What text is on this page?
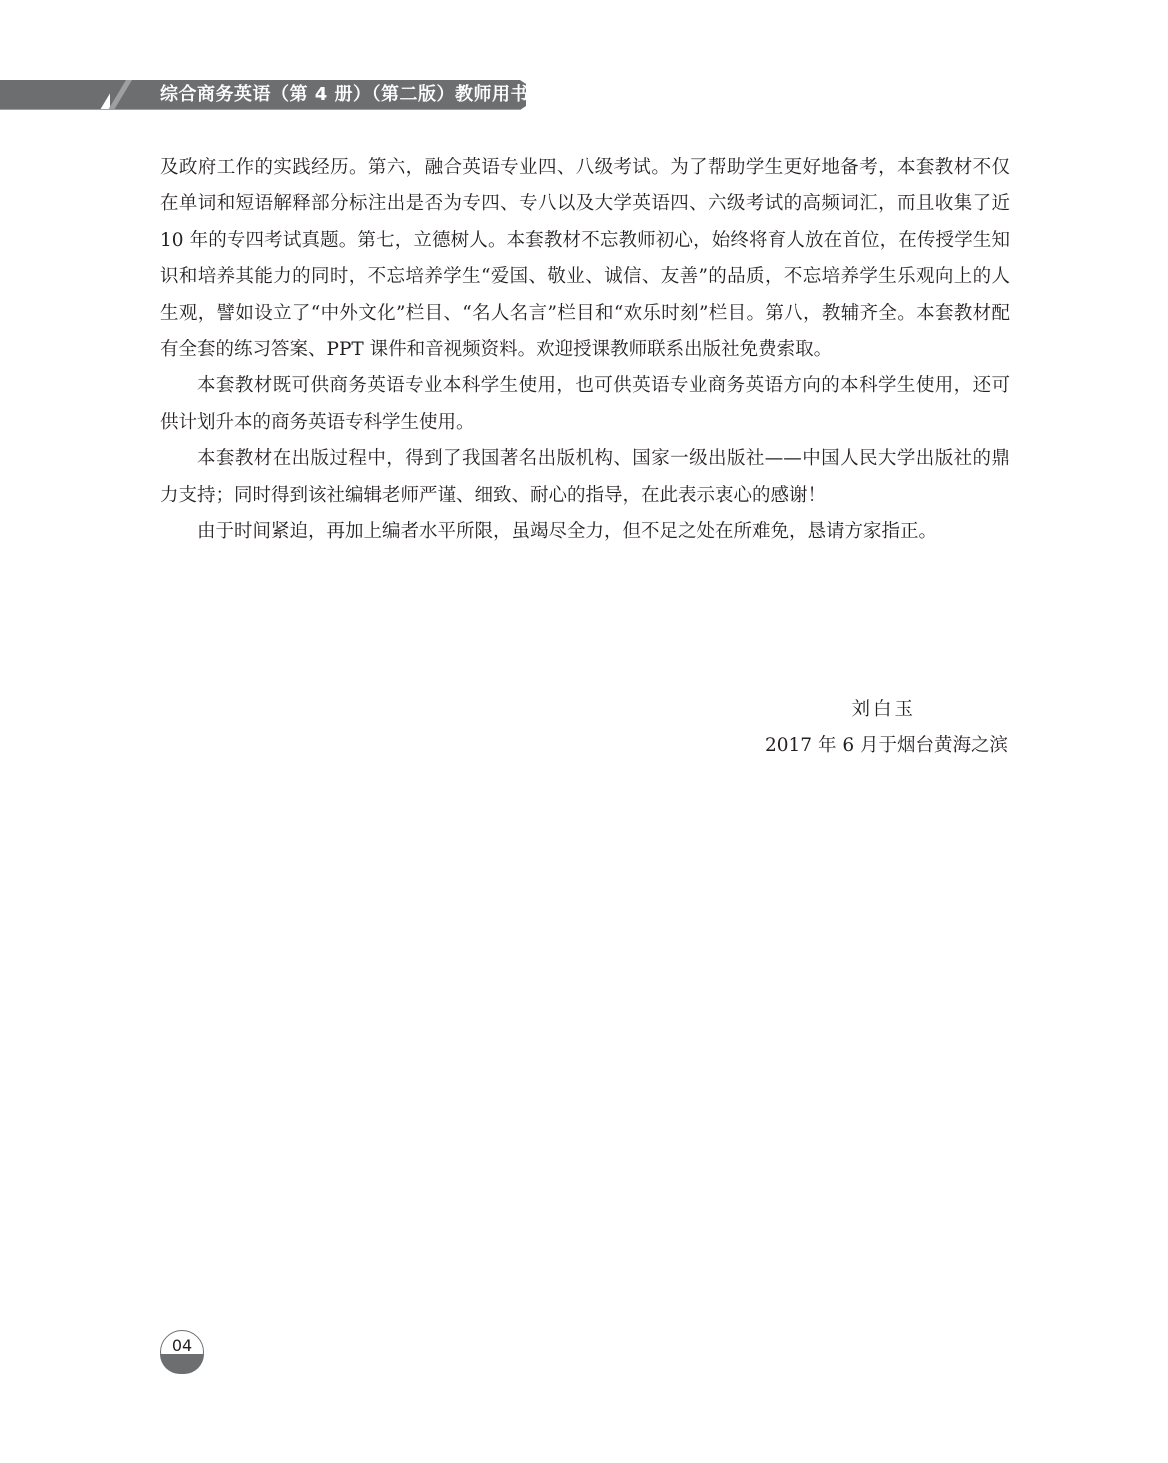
综合商务英语（第 4 册）（第二版）教师用书

及政府工作的实践经历。第六，融合英语专业四、八级考试。为了帮助学生更好地备考，本套教材不仅在单词和短语解释部分标注出是否为专四、专八以及大学英语四、六级考试的高频词汇，而且收集了近 10 年的专四考试真题。第七，立德树人。本套教材不忘教师初心，始终将育人放在首位，在传授学生知识和培养其能力的同时，不忘培养学生“爱国、敬业、诚信、友善”的品质，不忘培养学生乐观向上的人生观，譬如设立了“中外文化”栏目、“名人名言”栏目和“欢乐时刻”栏目。第八，教辅齐全。本套教材配有全套的练习答案、PPT 课件和音视频资料。欢迎授课教师联系出版社免费索取。

本套教材既可供商务英语专业本科学生使用，也可供英语专业商务英语方向的本科学生使用，还可供计划升本的商务英语专科学生使用。

本套教材在出版过程中，得到了我国著名出版机构、国家一级出版社——中国人民大学出版社的鼎力支持；同时得到该社编辑老师严谨、细致、耐心的指导，在此表示衷心的感谢！

由于时间紧迫，再加上编者水平所限，虽竭尽全力，但不足之处在所难免，恳请方家指正。

刘白玉
2017 年 6 月于烟台黄海之滨
04
